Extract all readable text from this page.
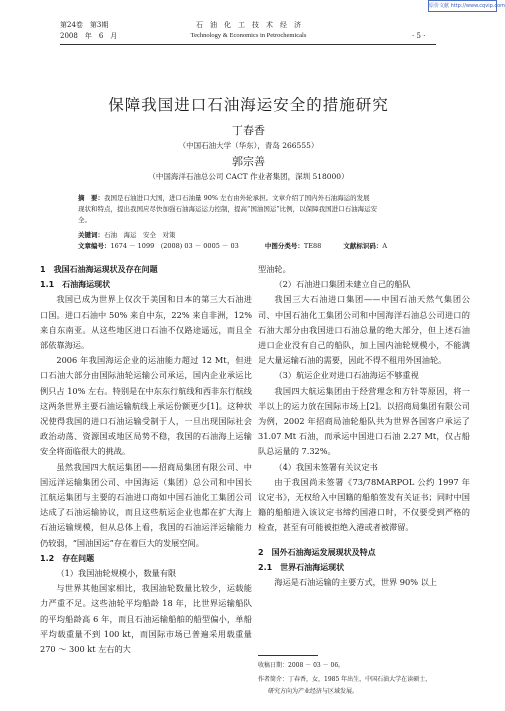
原价文献 http://www.cqvip.com
第24卷　第3期
2008　年　6　月
石　油　化　工　技　术　经　济
Technology & Economics in Petrochemicals	· 5 ·
保障我国进口石油海运安全的措施研究
丁春香
（中国石油大学（华东），青岛 266555）
郭宗善
（中国海洋石油总公司 CACT 作业者集团，深圳 518000）
摘　要：我国是石油进口大国，进口石油量 90% 左右由外轮承担。文章介绍了国内外石油海运的发展
现状和特点，提出我国应尽快加强石油海运运力控制，提高“国油国运”比例，以保障我国进口石油海运安
全。
关键词：石油　海运　安全　对策
文章编号：1674 － 1099　(2008) 03 － 0005 － 03	中图分类号：TE88	文献标识码：A

1　我国石油海运现状及存在问题

1.1　石油海运现状

我国已成为世界上仅次于美国和日本的第三大石油进口国。进口石油中 50% 来自中东，22% 来自非洲，12% 来自东南亚。从这些地区进口石油不仅路途遥远，而且全部依靠海运。

2006 年我国海运企业的运油能力超过 12 Mt，但进口石油大部分由国际油轮运输公司承运，国内企业承运比例只占 10% 左右。特别是在中东东行航线和西非东行航线这两条世界主要石油运输航线上承运份额更少[1]。这种状况使得我国的进口石油运输受制于人，一旦出现国际社会政治动荡、资源国或地区局势不稳，我国的石油海上运输安全将面临很大的挑战。

虽然我国四大航运集团——招商局集团有限公司、中国远洋运输集团公司、中国海运（集团）总公司和中国长江航运集团与主要的石油进口商如中国石油化工集团公司达成了石油运输协议，而且这些航运企业也都在扩大海上石油运输规模，但从总体上看，我国的石油运洋运输能力仍较弱，“国油国运”存在着巨大的发展空间。

1.2　存在问题

（1）我国油轮规模小，数量有限

与世界其他国家相比，我国油轮数量比较少，运载能力严重不足。这些油轮平均船龄 18 年，比世界运输船队的平均船龄高 6 年，而且石油运输船舶的船型偏小，单船平均载重量不到 100 kt，而国际市场已普遍采用载重量 270 ～ 300 kt 左右的大

型油轮。

（2）石油进口集团未建立自己的船队

我国三大石油进口集团——中国石油天然气集团公司、中国石油化工集团公司和中国海洋石油总公司进口的石油大部分由我国进口石油总量的绝大部分，但上述石油进口企业没有自己的船队，加上国内油轮规模小，不能满足大量运输石油的需要，因此不得不租用外国油轮。

（3）航运企业对进口石油海运不够重视

我国四大航运集团由于经营理念和方针等原因，将一半以上的运力放在国际市场上[2]。以招商局集团有限公司为例，2002 年招商局油轮船队共为世界各国客户承运了 31.07 Mt 石油，而承运中国进口石油 2.27 Mt，仅占船队总运量的 7.32%。

（4）我国未签署有关议定书

由于我国尚未签署《73/78MARPOL 公约 1997 年议定书》，无权给入中国籍的船舶签发有关证书；同时中国籍的船舶进入该议定书缔约国港口时，不仅要受到严格的检查，甚至有可能被拒绝入港或者被滞留。

2　国外石油海运发展现状及特点

2.1　世界石油海运现状

海运是石油运输的主要方式，世界 90% 以上

收稿日期：2008 － 03 － 06。
作者简介：丁春香，女，1985 年出生，中国石油大学在读硕士，
研究方向为产业经济与区域发展。
